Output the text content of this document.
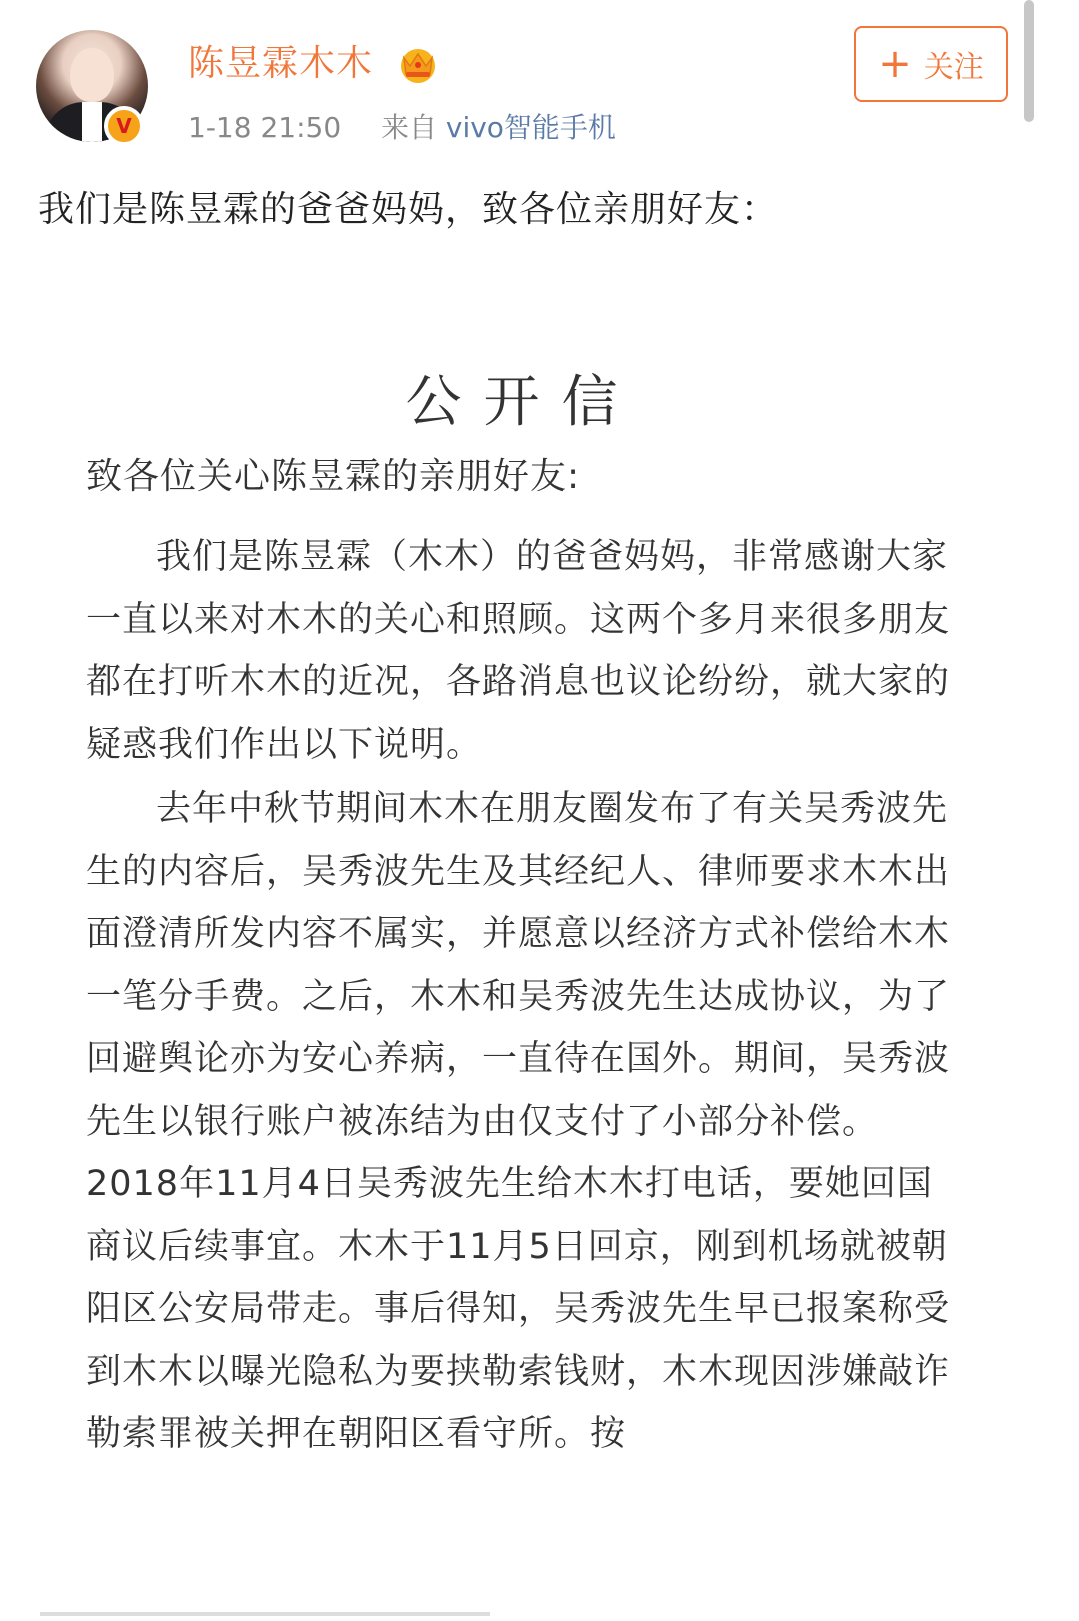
V
陈昱霖木木
1-18 21:50 来自 vivo智能手机
+ 关注
我们是陈昱霖的爸爸妈妈，致各位亲朋好友：
公开信
致各位关心陈昱霖的亲朋好友:

我们是陈昱霖（木木）的爸爸妈妈，非常感谢大家一直以来对木木的关心和照顾。这两个多月来很多朋友都在打听木木的近况，各路消息也议论纷纷，就大家的疑惑我们作出以下说明。

去年中秋节期间木木在朋友圈发布了有关吴秀波先生的内容后，吴秀波先生及其经纪人、律师要求木木出面澄清所发内容不属实，并愿意以经济方式补偿给木木一笔分手费。之后，木木和吴秀波先生达成协议，为了回避舆论亦为安心养病，一直待在国外。期间，吴秀波先生以银行账户被冻结为由仅支付了小部分补偿。2018年11月4日吴秀波先生给木木打电话，要她回国商议后续事宜。木木于11月5日回京，刚到机场就被朝阳区公安局带走。事后得知，吴秀波先生早已报案称受到木木以曝光隐私为要挟勒索钱财，木木现因涉嫌敲诈勒索罪被关押在朝阳区看守所。按
